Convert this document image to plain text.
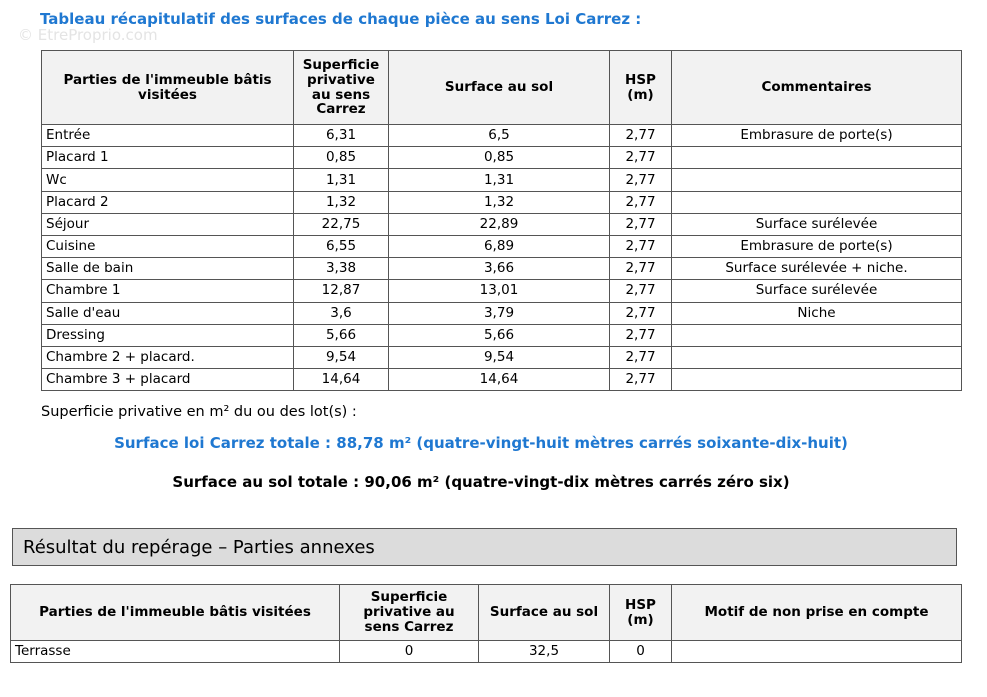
© EtreProprio.com
Tableau récapitulatif des surfaces de chaque pièce au sens Loi Carrez :
Parties de l'immeuble bâtis visitées	Superficie privative au sens Carrez	Surface au sol	HSP (m)	Commentaires
Entrée	6,31	6,5	2,77	Embrasure de porte(s)
Placard 1	0,85	0,85	2,77	
Wc	1,31	1,31	2,77	
Placard 2	1,32	1,32	2,77	
Séjour	22,75	22,89	2,77	Surface surélevée
Cuisine	6,55	6,89	2,77	Embrasure de porte(s)
Salle de bain	3,38	3,66	2,77	Surface surélevée + niche.
Chambre 1	12,87	13,01	2,77	Surface surélevée
Salle d'eau	3,6	3,79	2,77	Niche
Dressing	5,66	5,66	2,77	
Chambre 2 + placard.	9,54	9,54	2,77	
Chambre 3 + placard	14,64	14,64	2,77	
Superficie privative en m² du ou des lot(s) :
Surface loi Carrez totale : 88,78 m² (quatre-vingt-huit mètres carrés soixante-dix-huit)
Surface au sol totale : 90,06 m² (quatre-vingt-dix mètres carrés zéro six)
Résultat du repérage – Parties annexes
Parties de l'immeuble bâtis visitées	Superficie privative au sens Carrez	Surface au sol	HSP (m)	Motif de non prise en compte
Terrasse	0	32,5	0	
